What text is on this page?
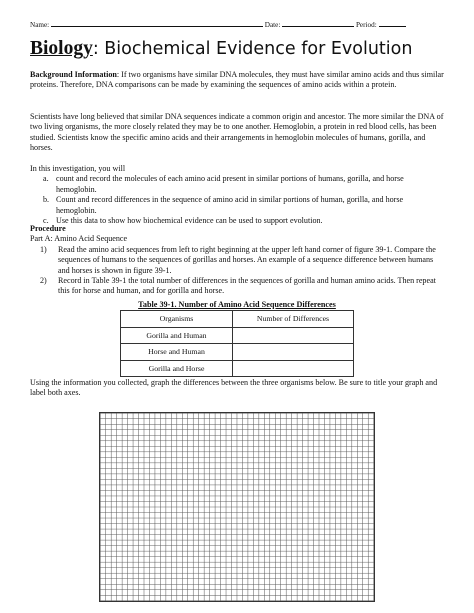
Name:	Date:	Period:
Biology: Biochemical Evidence for Evolution
Background Information: If two organisms have similar DNA molecules, they must have similar amino acids and thus similar proteins. Therefore, DNA comparisons can be made by examining the sequences of amino acids within a protein.
Scientists have long believed that similar DNA sequences indicate a common origin and ancestor. The more similar the DNA of two living organisms, the more closely related they may be to one another. Hemoglobin, a protein in red blood cells, has been studied. Scientists know the specific amino acids and their arrangements in hemoglobin molecules of humans, gorilla, and horses.
In this investigation, you will
a. count and record the molecules of each amino acid present in similar portions of humans, gorilla, and horse hemoglobin.
b. Count and record differences in the sequence of amino acid in similar portions of human, gorilla, and horse hemoglobin.
c. Use this data to show how biochemical evidence can be used to support evolution.
Procedure
Part A: Amino Acid Sequence
1) Read the amino acid sequences from left to right beginning at the upper left hand corner of figure 39-1. Compare the sequences of humans to the sequences of gorillas and horses. An example of a sequence difference between humans and horses is shown in figure 39-1.
2) Record in Table 39-1 the total number of differences in the sequences of gorilla and human amino acids. Then repeat this for horse and human, and for gorilla and horse.
Table 39-1. Number of Amino Acid Sequence Differences
Organisms	Number of Differences
Gorilla and Human	
Horse and Human	
Gorilla and Horse	
Using the information you collected, graph the differences between the three organisms below. Be sure to title your graph and label both axes.
